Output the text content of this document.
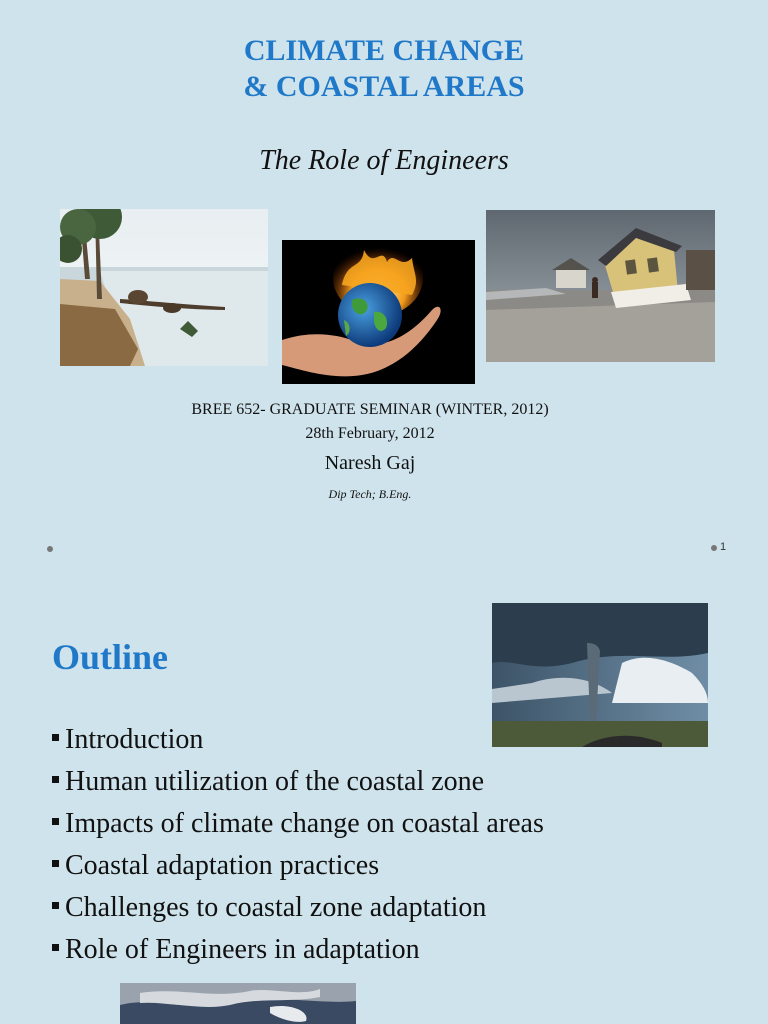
CLIMATE CHANGE
& COASTAL AREAS
The Role of Engineers
BREE 652- GRADUATE SEMINAR (WINTER, 2012)
28th February, 2012
Naresh Gaj
Dip Tech; B.Eng.
1
Outline
Introduction
Human utilization of the coastal zone
Impacts of climate change on coastal areas
Coastal adaptation practices
Challenges to coastal zone adaptation
Role of Engineers in adaptation
